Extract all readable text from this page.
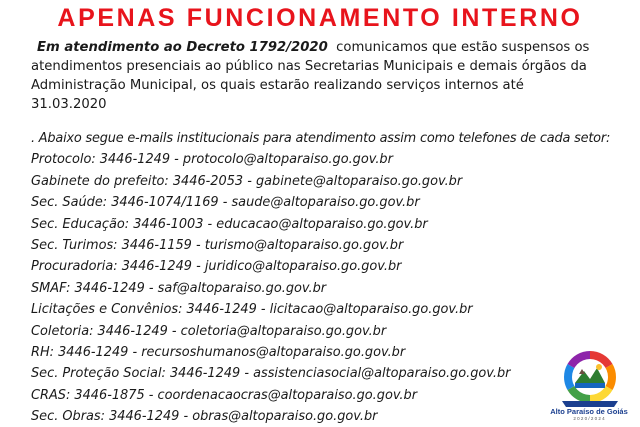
APENAS FUNCIONAMENTO INTERNO
Em atendimento ao Decreto 1792/2020  comunicamos que estão suspensos os
atendimentos presenciais ao público nas Secretarias Municipais e demais órgãos da
Administração Municipal, os quais estarão realizando serviços internos até
31.03.2020
. Abaixo segue e-mails institucionais para atendimento assim como telefones de cada setor:
Protocolo: 3446-1249 - protocolo@altoparaiso.go.gov.br
Gabinete do prefeito: 3446-2053 - gabinete@altoparaiso.go.gov.br
Sec. Saúde: 3446-1074/1169 - saude@altoparaiso.go.gov.br
Sec. Educação: 3446-1003 - educacao@altoparaiso.go.gov.br
Sec. Turimos: 3446-1159 - turismo@altoparaiso.go.gov.br
Procuradoria: 3446-1249 - juridico@altoparaiso.go.gov.br
SMAF: 3446-1249 - saf@altoparaiso.go.gov.br
Licitações e Convênios: 3446-1249 - licitacao@altoparaiso.go.gov.br
Coletoria: 3446-1249 - coletoria@altoparaiso.go.gov.br
RH: 3446-1249 - recursoshumanos@altoparaiso.go.gov.br
Sec. Proteção Social: 3446-1249 - assistenciasocial@altoparaiso.go.gov.br
CRAS: 3446-1875 - coordenacaocras@altoparaiso.go.gov.br
Sec. Obras: 3446-1249 - obras@altoparaiso.go.gov.br	Alto Paraíso de Goiás
2 0 2 0 / 2 0 2 4
